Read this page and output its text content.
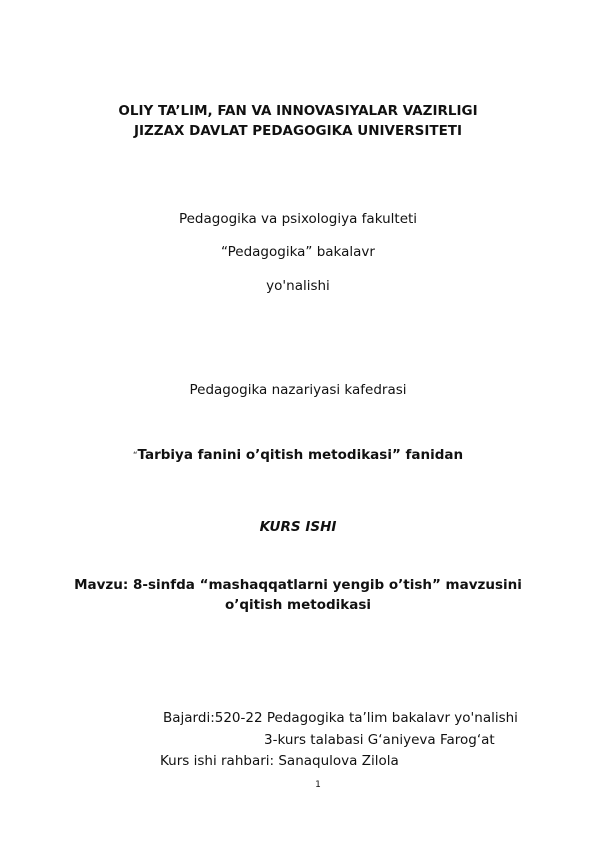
OLIY TA’LIM, FAN VA INNOVASIYALAR VAZIRLIGI
JIZZAX DAVLAT PEDAGOGIKA UNIVERSITETI
Pedagogika va psixologiya fakulteti
“Pedagogika” bakalavr
yo'nalishi
Pedagogika nazariyasi kafedrasi
“Tarbiya fanini o’qitish metodikasi” fanidan
KURS ISHI
Mavzu: 8-sinfda “mashaqqatlarni yengib o’tish” mavzusini
o’qitish metodikasi
Bajardi:520-22 Pedagogika ta’lim bakalavr yo'nalishi
3-kurs talabasi G‘aniyeva Farog‘at
Kurs ishi rahbari: Sanaqulova Zilola
1
